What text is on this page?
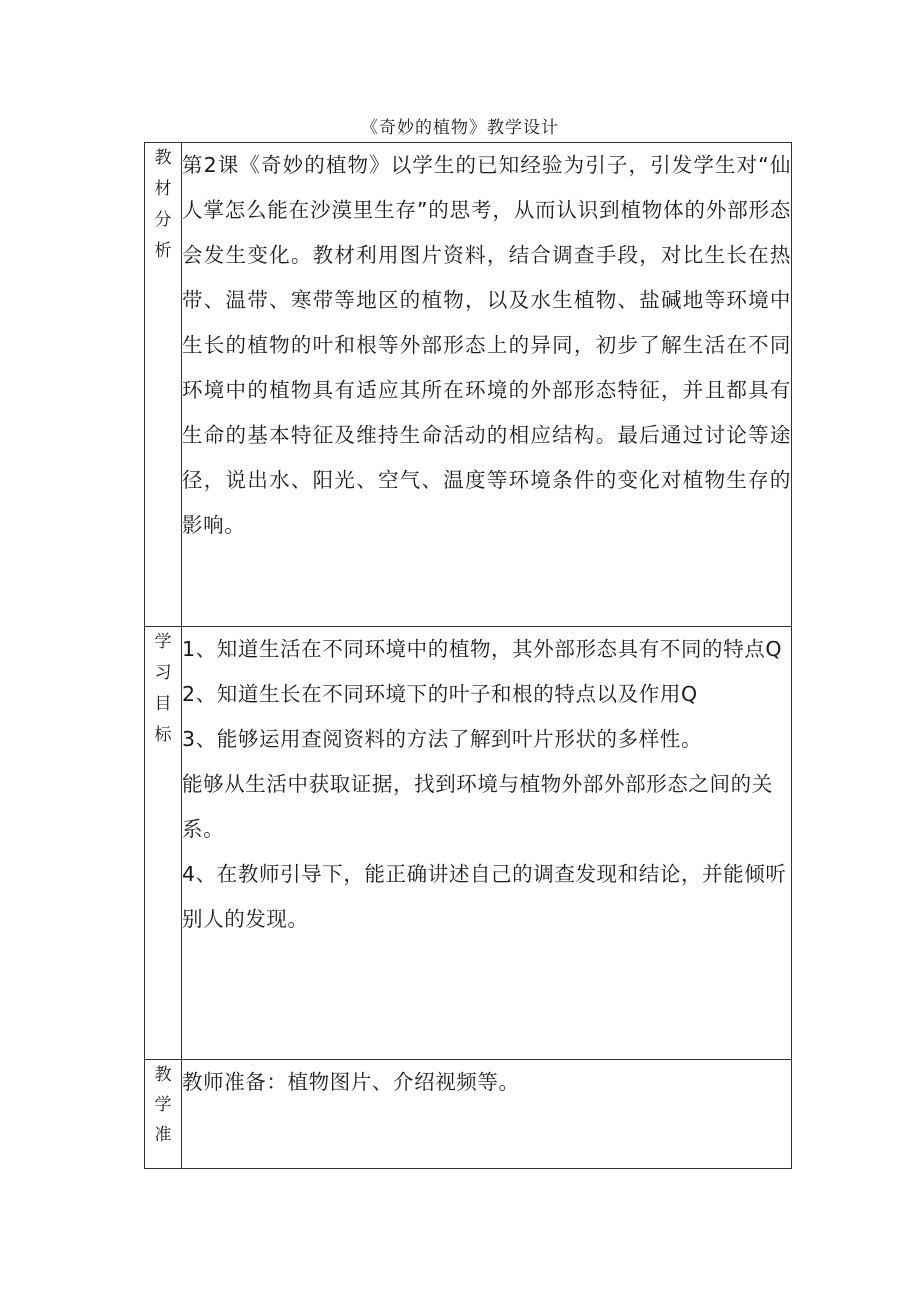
《奇妙的植物》教学设计
教材分析	第2课《奇妙的植物》以学生的已知经验为引子，引发学生对“仙人掌怎么能在沙漠里生存”的思考，从而认识到植物体的外部形态会发生变化。教材利用图片资料，结合调查手段，对比生长在热带、温带、寒带等地区的植物，以及水生植物、盐碱地等环境中生长的植物的叶和根等外部形态上的异同，初步了解生活在不同环境中的植物具有适应其所在环境的外部形态特征，并且都具有生命的基本特征及维持生命活动的相应结构。最后通过讨论等途径，说出水、阳光、空气、温度等环境条件的变化对植物生存的影响。

学习目标	1、知道生活在不同环境中的植物，其外部形态具有不同的特点Q

2、知道生长在不同环境下的叶子和根的特点以及作用Q

3、能够运用查阅资料的方法了解到叶片形状的多样性。

能够从生活中获取证据，找到环境与植物外部外部形态之间的关系。

4、在教师引导下，能正确讲述自己的调查发现和结论，并能倾听别人的发现。

教学准	教师准备：植物图片、介绍视频等。
